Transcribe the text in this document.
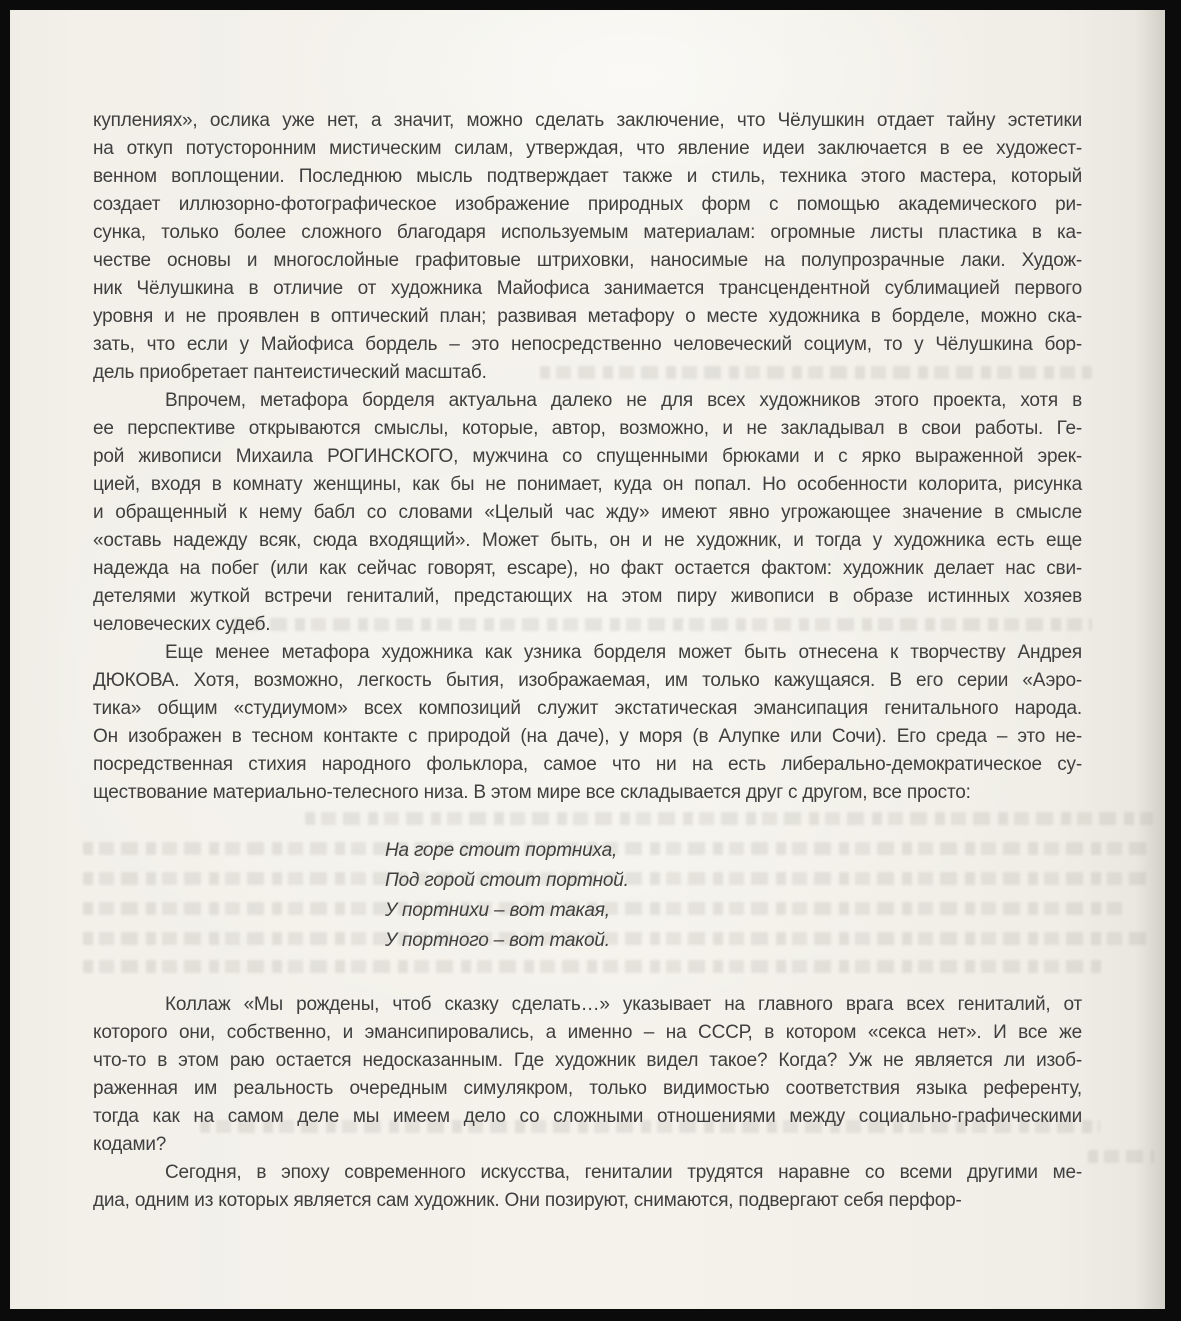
куплениях», ослика уже нет, а значит, можно сделать заключение, что Чёлушкин отдает тайну эстетики
на откуп потусторонним мистическим силам, утверждая, что явление идеи заключается в ее художест-
венном воплощении. Последнюю мысль подтверждает также и стиль, техника этого мастера, который
создает иллюзорно-фотографическое изображение природных форм с помощью академического ри-
сунка, только более сложного благодаря используемым материалам: огромные листы пластика в ка-
честве основы и многослойные графитовые штриховки, наносимые на полупрозрачные лаки. Худож-
ник Чёлушкина в отличие от художника Майофиса занимается трансцендентной сублимацией первого
уровня и не проявлен в оптический план; развивая метафору о месте художника в борделе, можно ска-
зать, что если у Майофиса бордель – это непосредственно человеческий социум, то у Чёлушкина бор-
дель приобретает пантеистический масштаб.
Впрочем, метафора борделя актуальна далеко не для всех художников этого проекта, хотя в
ее перспективе открываются смыслы, которые, автор, возможно, и не закладывал в свои работы. Ге-
рой живописи Михаила РОГИНСКОГО, мужчина со спущенными брюками и с ярко выраженной эрек-
цией, входя в комнату женщины, как бы не понимает, куда он попал. Но особенности колорита, рисунка
и обращенный к нему бабл со словами «Целый час жду» имеют явно угрожающее значение в смысле
«оставь надежду всяк, сюда входящий». Может быть, он и не художник, и тогда у художника есть еще
надежда на побег (или как сейчас говорят, escape), но факт остается фактом: художник делает нас сви-
детелями жуткой встречи гениталий, предстающих на этом пиру живописи в образе истинных хозяев
человеческих судеб.
Еще менее метафора художника как узника борделя может быть отнесена к творчеству Андрея
ДЮКОВА. Хотя, возможно, легкость бытия, изображаемая, им только кажущаяся. В его серии «Аэро-
тика» общим «студиумом» всех композиций служит экстатическая эмансипация генитального народа.
Он изображен в тесном контакте с природой (на даче), у моря (в Алупке или Сочи). Его среда – это не-
посредственная стихия народного фольклора, самое что ни на есть либерально-демократическое су-
ществование материально-телесного низа. В этом мире все складывается друг с другом, все просто:
На горе стоит портниха,
Под горой стоит портной.
У портнихи – вот такая,
У портного – вот такой.
Коллаж «Мы рождены, чтоб сказку сделать…» указывает на главного врага всех гениталий, от
которого они, собственно, и эмансипировались, а именно – на СССР, в котором «секса нет». И все же
что-то в этом раю остается недосказанным. Где художник видел такое? Когда? Уж не является ли изоб-
раженная им реальность очередным симулякром, только видимостью соответствия языка референту,
тогда как на самом деле мы имеем дело со сложными отношениями между социально-графическими
кодами?
Сегодня, в эпоху современного искусства, гениталии трудятся наравне со всеми другими ме-
диа, одним из которых является сам художник. Они позируют, снимаются, подвергают себя перфор-
